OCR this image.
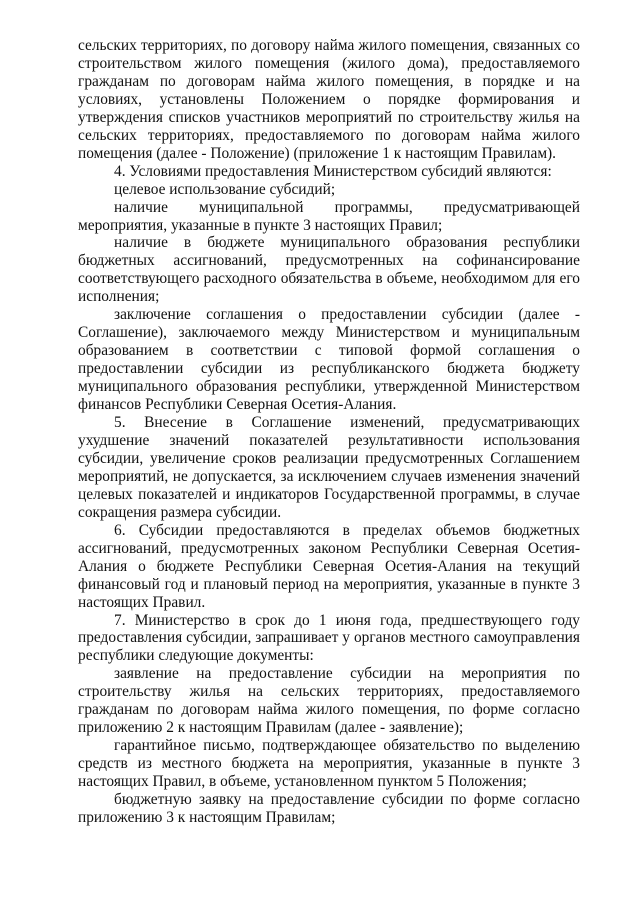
сельских территориях, по договору найма жилого помещения, связанных со строительством жилого помещения (жилого дома), предоставляемого гражданам по договорам найма жилого помещения, в порядке и на условиях, установлены Положением о порядке формирования и утверждения списков участников мероприятий по строительству жилья на сельских территориях, предоставляемого по договорам найма жилого помещения (далее - Положение) (приложение 1 к настоящим Правилам).

4. Условиями предоставления Министерством субсидий являются:

целевое использование субсидий;

наличие муниципальной программы, предусматривающей мероприятия, указанные в пункте 3 настоящих Правил;

наличие в бюджете муниципального образования республики бюджетных ассигнований, предусмотренных на софинансирование соответствующего расходного обязательства в объеме, необходимом для его исполнения;

заключение соглашения о предоставлении субсидии (далее - Соглашение), заключаемого между Министерством и муниципальным образованием в соответствии с типовой формой соглашения о предоставлении субсидии из республиканского бюджета бюджету муниципального образования республики, утвержденной Министерством финансов Республики Северная Осетия-Алания.

5. Внесение в Соглашение изменений, предусматривающих ухудшение значений показателей результативности использования субсидии, увеличение сроков реализации предусмотренных Соглашением мероприятий, не допускается, за исключением случаев изменения значений целевых показателей и индикаторов Государственной программы, в случае сокращения размера субсидии.

6. Субсидии предоставляются в пределах объемов бюджетных ассигнований, предусмотренных законом Республики Северная Осетия-Алания о бюджете Республики Северная Осетия-Алания на текущий финансовый год и плановый период на мероприятия, указанные в пункте 3 настоящих Правил.

7. Министерство в срок до 1 июня года, предшествующего году предоставления субсидии, запрашивает у органов местного самоуправления республики следующие документы:

заявление на предоставление субсидии на мероприятия по строительству жилья на сельских территориях, предоставляемого гражданам по договорам найма жилого помещения, по форме согласно приложению 2 к настоящим Правилам (далее - заявление);

гарантийное письмо, подтверждающее обязательство по выделению средств из местного бюджета на мероприятия, указанные в пункте 3 настоящих Правил, в объеме, установленном пунктом 5 Положения;

бюджетную заявку на предоставление субсидии по форме согласно приложению 3 к настоящим Правилам;
